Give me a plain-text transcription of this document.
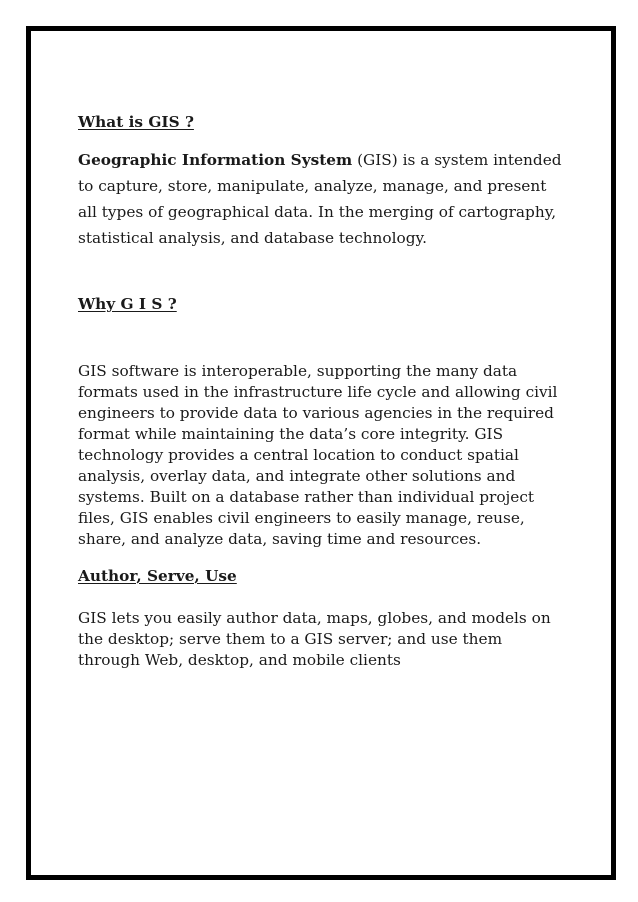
What is GIS ?

Geographic Information System (GIS) is a system intended to capture, store, manipulate, analyze, manage, and present all types of geographical data. In the merging of cartography, statistical analysis, and database technology.

Why G I S ?

GIS software is interoperable, supporting the many data formats used in the infrastructure life cycle and allowing civil engineers to provide data to various agencies in the required format while maintaining the data’s core integrity. GIS technology provides a central location to conduct spatial analysis, overlay data, and integrate other solutions and systems. Built on a database rather than individual project files, GIS enables civil engineers to easily manage, reuse, share, and analyze data, saving time and resources.

Author, Serve, Use

GIS lets you easily author data, maps, globes, and models on the desktop; serve them to a GIS server; and use them through Web, desktop, and mobile clients
